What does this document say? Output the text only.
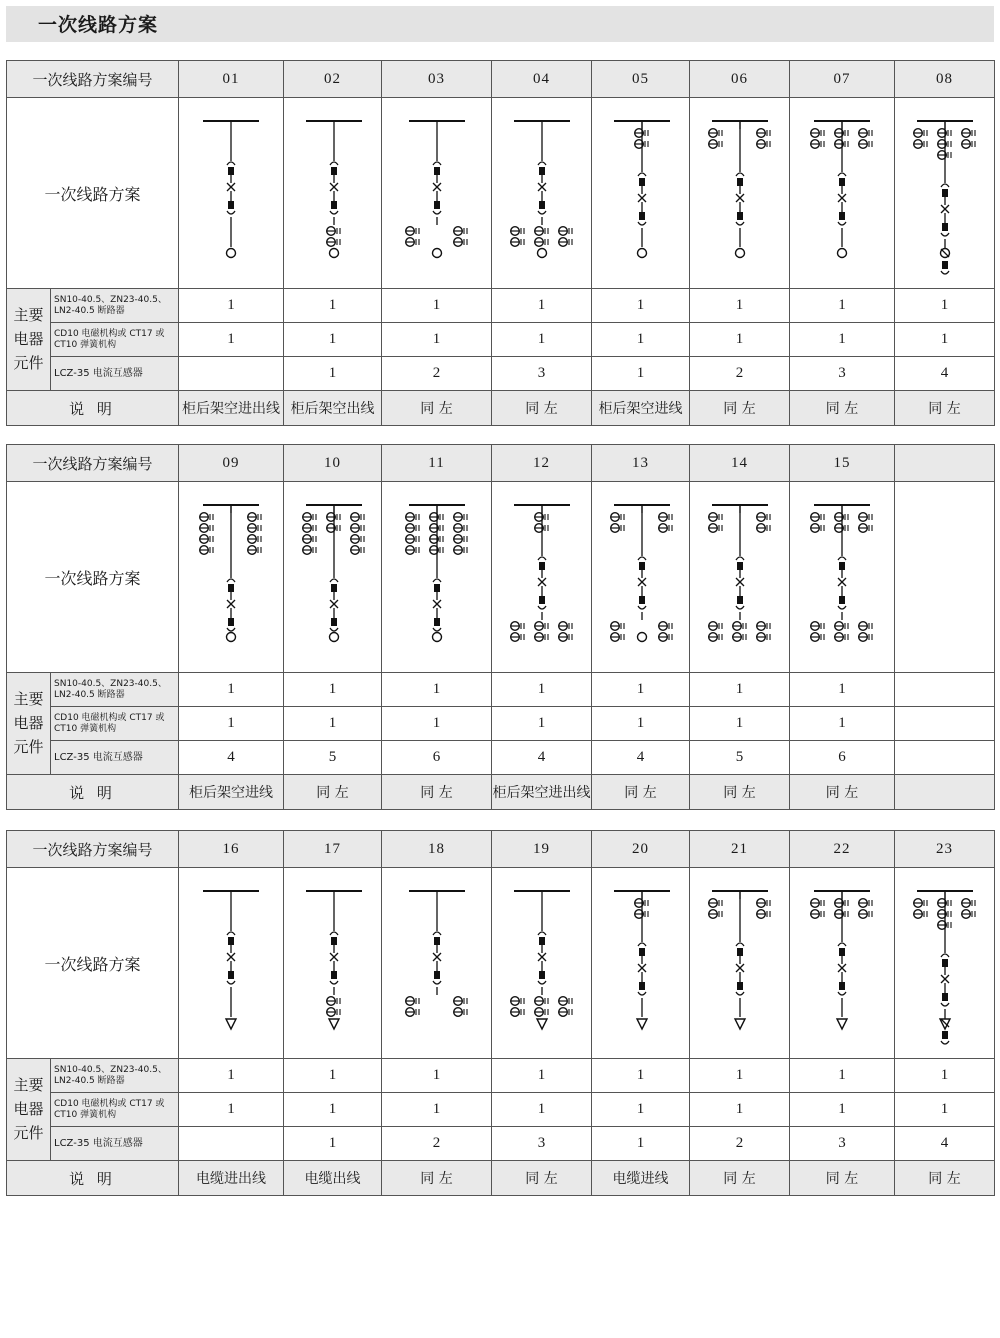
一次线路方案
一次线路方案编号		01	02	03	04	05	06	07	08
一次线路方案	

主要
电器
元件	SN10-40.5、ZN23-40.5、LN2-40.5 断路器	1	1	1	1	1	1	1	1
	CD10 电磁机构或 CT17 或 CT10 弹簧机构	1	1	1	1	1	1	1	1
	LCZ-35 电流互感器		1	2	3	1	2	3	4
说 明		柜后架空进出线	柜后架空出线	同 左	同 左	柜后架空进线	同 左	同 左	同 左
一次线路方案编号		09	10	11	12	13	14	15	
一次线路方案	

主要
电器
元件	SN10-40.5、ZN23-40.5、LN2-40.5 断路器	1	1	1	1	1	1	1	
	CD10 电磁机构或 CT17 或 CT10 弹簧机构	1	1	1	1	1	1	1	
	LCZ-35 电流互感器	4	5	6	4	4	5	6	
说 明		柜后架空进线	同 左	同 左	柜后架空进出线	同 左	同 左	同 左	
一次线路方案编号		16	17	18	19	20	21	22	23
一次线路方案	

主要
电器
元件	SN10-40.5、ZN23-40.5、LN2-40.5 断路器	1	1	1	1	1	1	1	1
	CD10 电磁机构或 CT17 或 CT10 弹簧机构	1	1	1	1	1	1	1	1
	LCZ-35 电流互感器		1	2	3	1	2	3	4
说 明		电缆进出线	电缆出线	同 左	同 左	电缆进线	同 左	同 左	同 左
